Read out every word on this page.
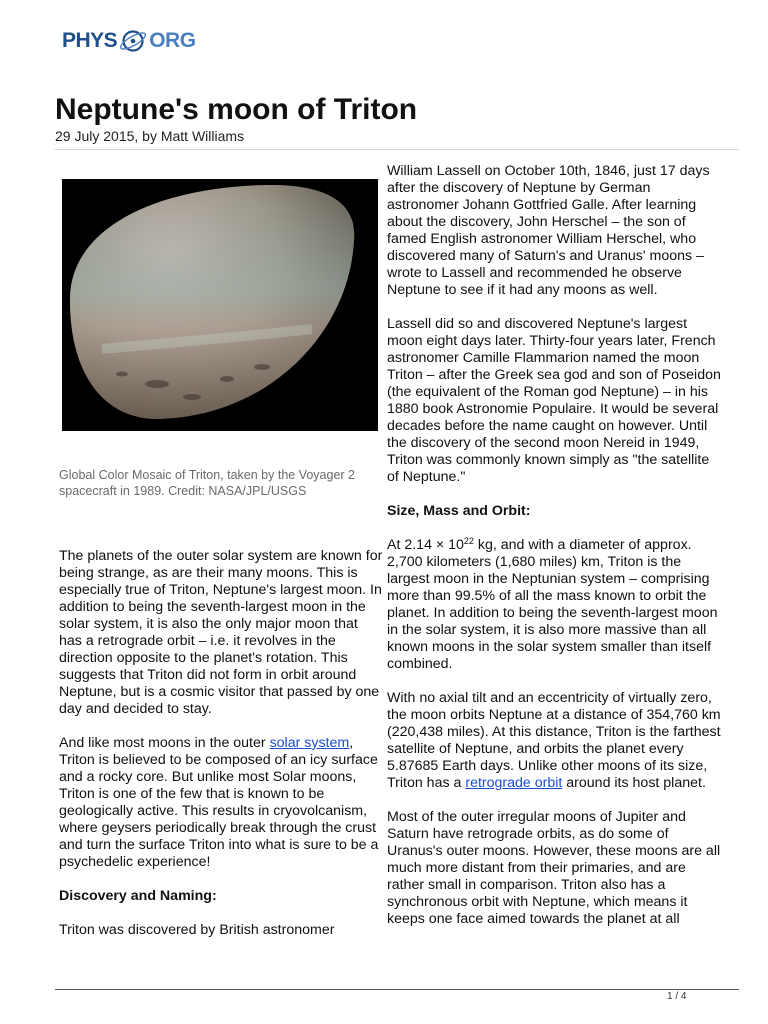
PHYS ORG
Neptune's moon of Triton
29 July 2015, by Matt Williams
Global Color Mosaic of Triton, taken by the Voyager 2 spacecraft in 1989. Credit: NASA/JPL/USGS

The planets of the outer solar system are known for being strange, as are their many moons. This is especially true of Triton, Neptune's largest moon. In addition to being the seventh-largest moon in the solar system, it is also the only major moon that has a retrograde orbit – i.e. it revolves in the direction opposite to the planet's rotation. This suggests that Triton did not form in orbit around Neptune, but is a cosmic visitor that passed by one day and decided to stay.

And like most moons in the outer solar system, Triton is believed to be composed of an icy surface and a rocky core. But unlike most Solar moons, Triton is one of the few that is known to be geologically active. This results in cryovolcanism, where geysers periodically break through the crust and turn the surface Triton into what is sure to be a psychedelic experience!

Discovery and Naming:

Triton was discovered by British astronomer

William Lassell on October 10th, 1846, just 17 days after the discovery of Neptune by German astronomer Johann Gottfried Galle. After learning about the discovery, John Herschel – the son of famed English astronomer William Herschel, who discovered many of Saturn's and Uranus' moons – wrote to Lassell and recommended he observe Neptune to see if it had any moons as well.

Lassell did so and discovered Neptune's largest moon eight days later. Thirty-four years later, French astronomer Camille Flammarion named the moon Triton – after the Greek sea god and son of Poseidon (the equivalent of the Roman god Neptune) – in his 1880 book Astronomie Populaire. It would be several decades before the name caught on however. Until the discovery of the second moon Nereid in 1949, Triton was commonly known simply as "the satellite of Neptune."

Size, Mass and Orbit:

At $2.14 \times 10^{22}$ kg, and with a diameter of approx. 2,700 kilometers (1,680 miles) km, Triton is the largest moon in the Neptunian system – comprising more than 99.5% of all the mass known to orbit the planet. In addition to being the seventh-largest moon in the solar system, it is also more massive than all known moons in the solar system smaller than itself combined.

With no axial tilt and an eccentricity of virtually zero, the moon orbits Neptune at a distance of 354,760 km (220,438 miles). At this distance, Triton is the farthest satellite of Neptune, and orbits the planet every 5.87685 Earth days. Unlike other moons of its size, Triton has a retrograde orbit around its host planet.

Most of the outer irregular moons of Jupiter and Saturn have retrograde orbits, as do some of Uranus's outer moons. However, these moons are all much more distant from their primaries, and are rather small in comparison. Triton also has a synchronous orbit with Neptune, which means it keeps one face aimed towards the planet at all

1 / 4
